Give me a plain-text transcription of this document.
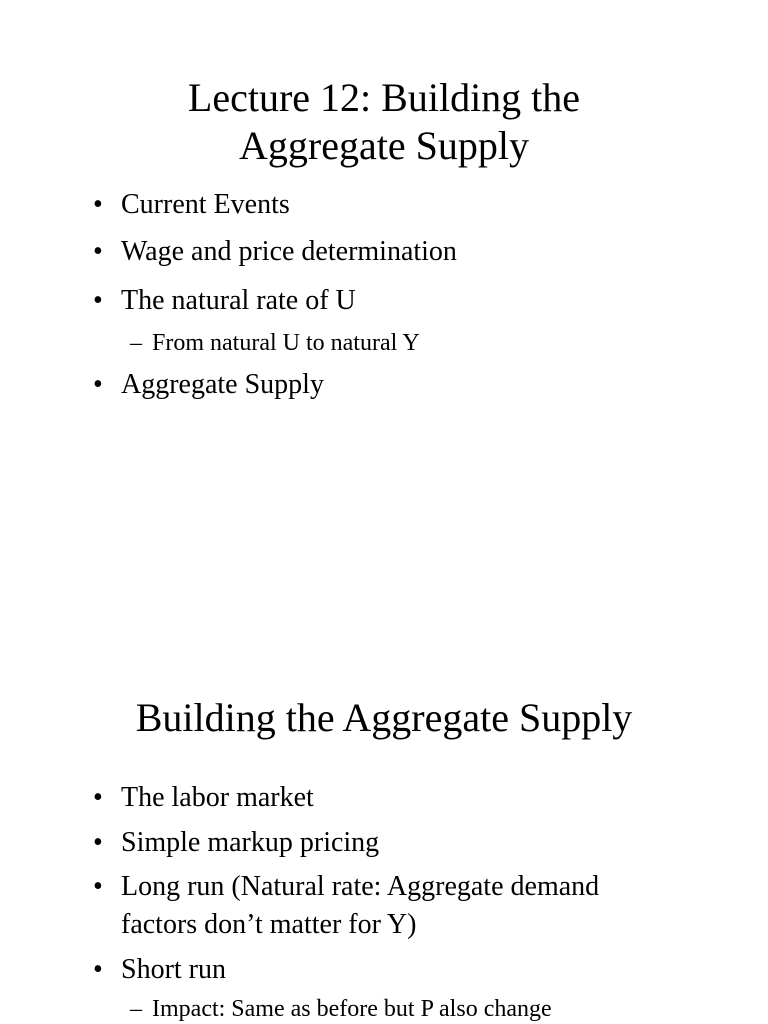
Lecture 12: Building the
Aggregate Supply
• Current Events
• Wage and price determination
• The natural rate of U
– From natural U to natural Y
• Aggregate Supply
Building the Aggregate Supply
• The labor market
• Simple markup pricing
• Long run (Natural rate: Aggregate demand
factors don’t matter for Y)
• Short run
– Impact: Same as before but P also change
